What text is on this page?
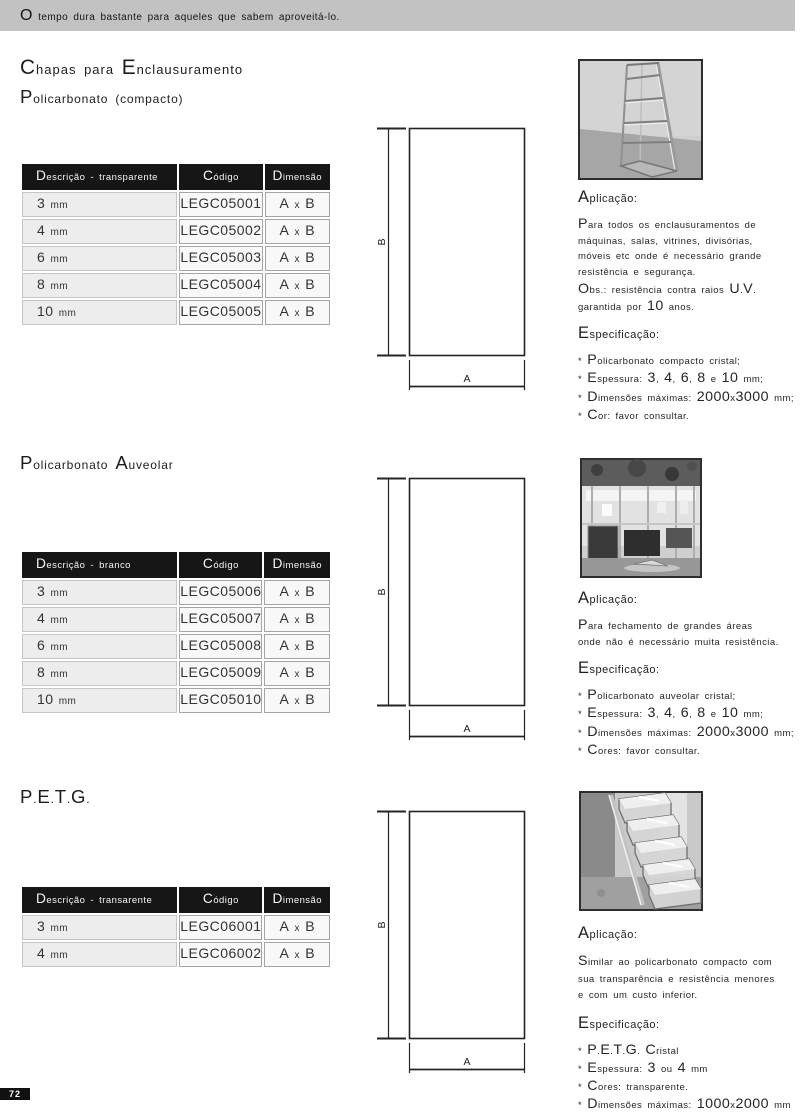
O tempo dura bastante para aqueles que sabem aproveitá-lo.
Chapas para Enclausuramento
Policarbonato (compacto)
Descrição - transparente	Código	Dimensão
3 mm	LEGC05001	A x B
4 mm	LEGC05002	A x B
6 mm	LEGC05003	A x B
8 mm	LEGC05004	A x B
10 mm	LEGC05005	A x B
B
A
Aplicação:
Para todos os enclausuramentos de
máquinas, salas, vitrines, divisórias,
móveis etc onde é necessário grande
resistência e segurança.
Obs.: resistência contra raios U.V.
garantida por 10 anos.
Especificação:
* Policarbonato compacto cristal;
* Espessura: 3, 4, 6, 8 e 10 mm;
* Dimensões máximas: 2000x3000 mm;
* Cor: favor consultar.
Policarbonato Auveolar
Descrição - branco	Código	Dimensão
3 mm	LEGC05006	A x B
4 mm	LEGC05007	A x B
6 mm	LEGC05008	A x B
8 mm	LEGC05009	A x B
10 mm	LEGC05010	A x B
B
A
Aplicação:
Para fechamento de grandes áreas
onde não é necessário muita resistência.
Especificação:
* Policarbonato auveolar cristal;
* Espessura: 3, 4, 6, 8 e 10 mm;
* Dimensões máximas: 2000x3000 mm;
* Cores: favor consultar.
P.E.T.G.
Descrição - transarente	Código	Dimensão
3 mm	LEGC06001	A x B
4 mm	LEGC06002	A x B
B
A
Aplicação:
Similar ao policarbonato compacto com
sua transparência e resistência menores
e com um custo inferior.
Especificação:
* P.E.T.G. Cristal
* Espessura: 3 ou 4 mm
* Cores: transparente.
* Dimensões máximas: 1000x2000 mm
72
